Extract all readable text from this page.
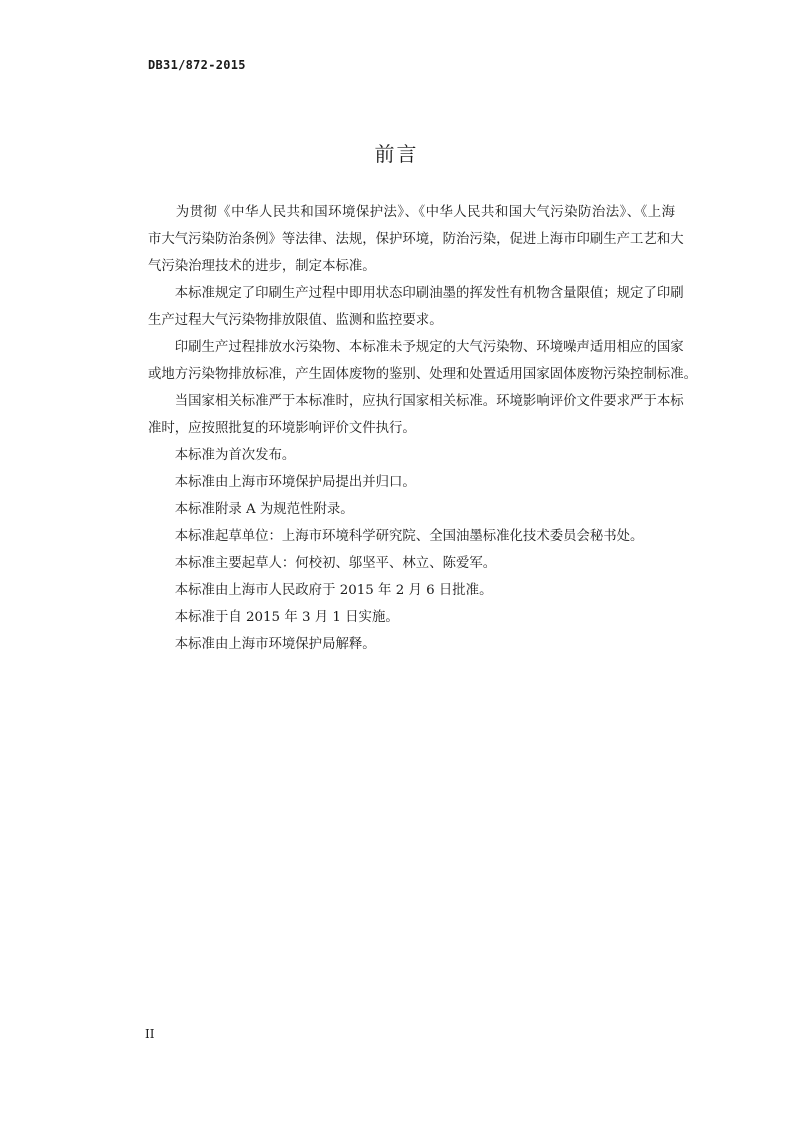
DB31/872-2015
前言

　　为贯彻《中华人民共和国环境保护法》、《中华人民共和国大气污染防治法》、《上海
市大气污染防治条例》等法律、法规，保护环境，防治污染，促进上海市印刷生产工艺和大
气污染治理技术的进步，制定本标准。

　　本标准规定了印刷生产过程中即用状态印刷油墨的挥发性有机物含量限值；规定了印刷
生产过程大气污染物排放限值、监测和监控要求。

　　印刷生产过程排放水污染物、本标准未予规定的大气污染物、环境噪声适用相应的国家
或地方污染物排放标准，产生固体废物的鉴别、处理和处置适用国家固体废物污染控制标准。

　　当国家相关标准严于本标准时，应执行国家相关标准。环境影响评价文件要求严于本标
准时，应按照批复的环境影响评价文件执行。

　　本标准为首次发布。

　　本标准由上海市环境保护局提出并归口。

　　本标准附录 A 为规范性附录。

　　本标准起草单位：上海市环境科学研究院、全国油墨标准化技术委员会秘书处。

　　本标准主要起草人：何校初、邬坚平、林立、陈爱军。

　　本标准由上海市人民政府于 2015 年 2 月 6 日批准。

　　本标准于自 2015 年 3 月 1 日实施。

　　本标准由上海市环境保护局解释。

II
